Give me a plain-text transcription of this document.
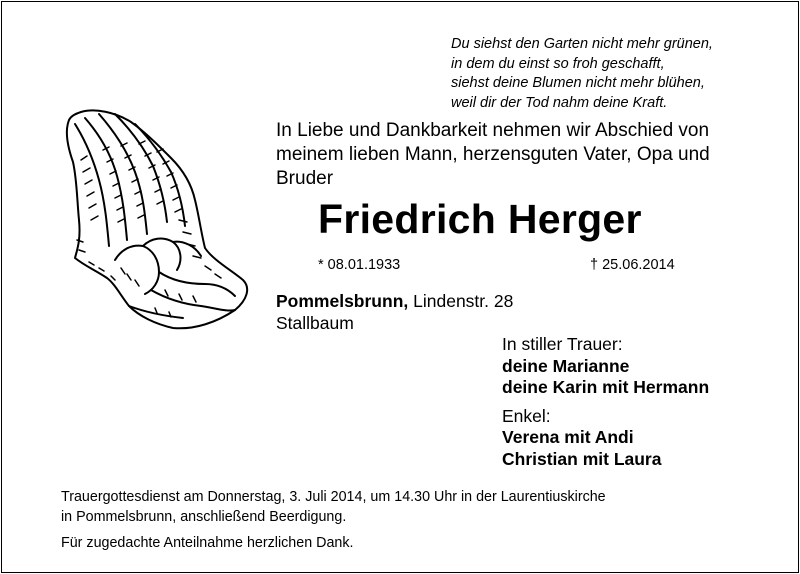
Du siehst den Garten nicht mehr grünen,
in dem du einst so froh geschafft,
siehst deine Blumen nicht mehr blühen,
weil dir der Tod nahm deine Kraft.
In Liebe und Dankbarkeit nehmen wir Abschied von
meinem lieben Mann, herzensguten Vater, Opa und
Bruder
Friedrich Herger
* 08.01.1933	† 25.06.2014
Pommelsbrunn, Lindenstr. 28
Stallbaum
In stiller Trauer:
deine Marianne
deine Karin mit Hermann
Enkel:
Verena mit Andi
Christian mit Laura
Trauergottesdienst am Donnerstag, 3. Juli 2014, um 14.30 Uhr in der Laurentiuskirche
in Pommelsbrunn, anschließend Beerdigung.
Für zugedachte Anteilnahme herzlichen Dank.
